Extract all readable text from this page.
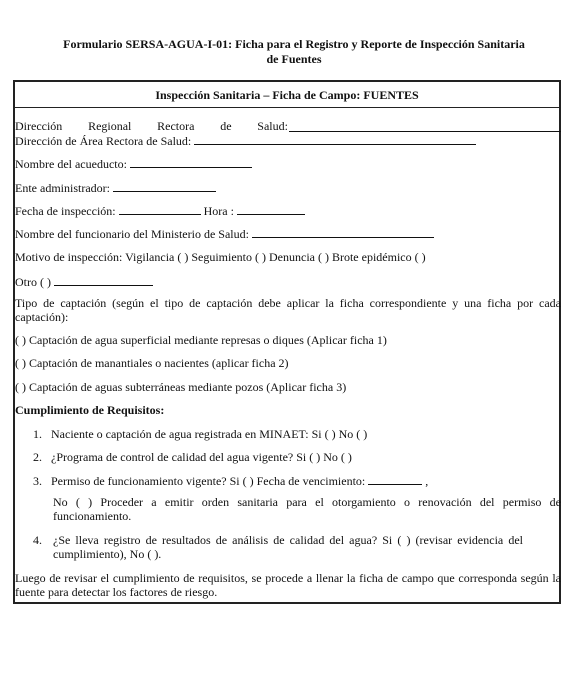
Formulario SERSA-AGUA-I-01: Ficha para el Registro y Reporte de Inspección Sanitaria
de Fuentes
Inspección Sanitaria – Ficha de Campo: FUENTES
Dirección Regional Rectora de Salud:
Dirección de Área Rectora de Salud:
Nombre del acueducto:
Ente administrador:
Fecha de inspección:	Hora :
Nombre del funcionario del Ministerio de Salud:
Motivo de inspección: Vigilancia ( ) Seguimiento ( ) Denuncia ( ) Brote epidémico ( )
Otro ( )
Tipo de captación (según el tipo de captación debe aplicar la ficha correspondiente y una ficha por cada captación):
( ) Captación de agua superficial mediante represas o diques (Aplicar ficha 1)
( ) Captación de manantiales o nacientes (aplicar ficha 2)
( ) Captación de aguas subterráneas mediante pozos (Aplicar ficha 3)
Cumplimiento de Requisitos:
1. Naciente o captación de agua registrada en MINAET: Si ( ) No ( )
2. ¿Programa de control de calidad del agua vigente? Si ( ) No ( )
3. Permiso de funcionamiento vigente? Si ( ) Fecha de vencimiento:	,
No ( ) Proceder a emitir orden sanitaria para el otorgamiento o renovación del permiso de funcionamiento.
4. ¿Se lleva registro de resultados de análisis de calidad del agua? Si ( ) (revisar evidencia del cumplimiento), No ( ).
Luego de revisar el cumplimiento de requisitos, se procede a llenar la ficha de campo que corresponda según la fuente para detectar los factores de riesgo.
